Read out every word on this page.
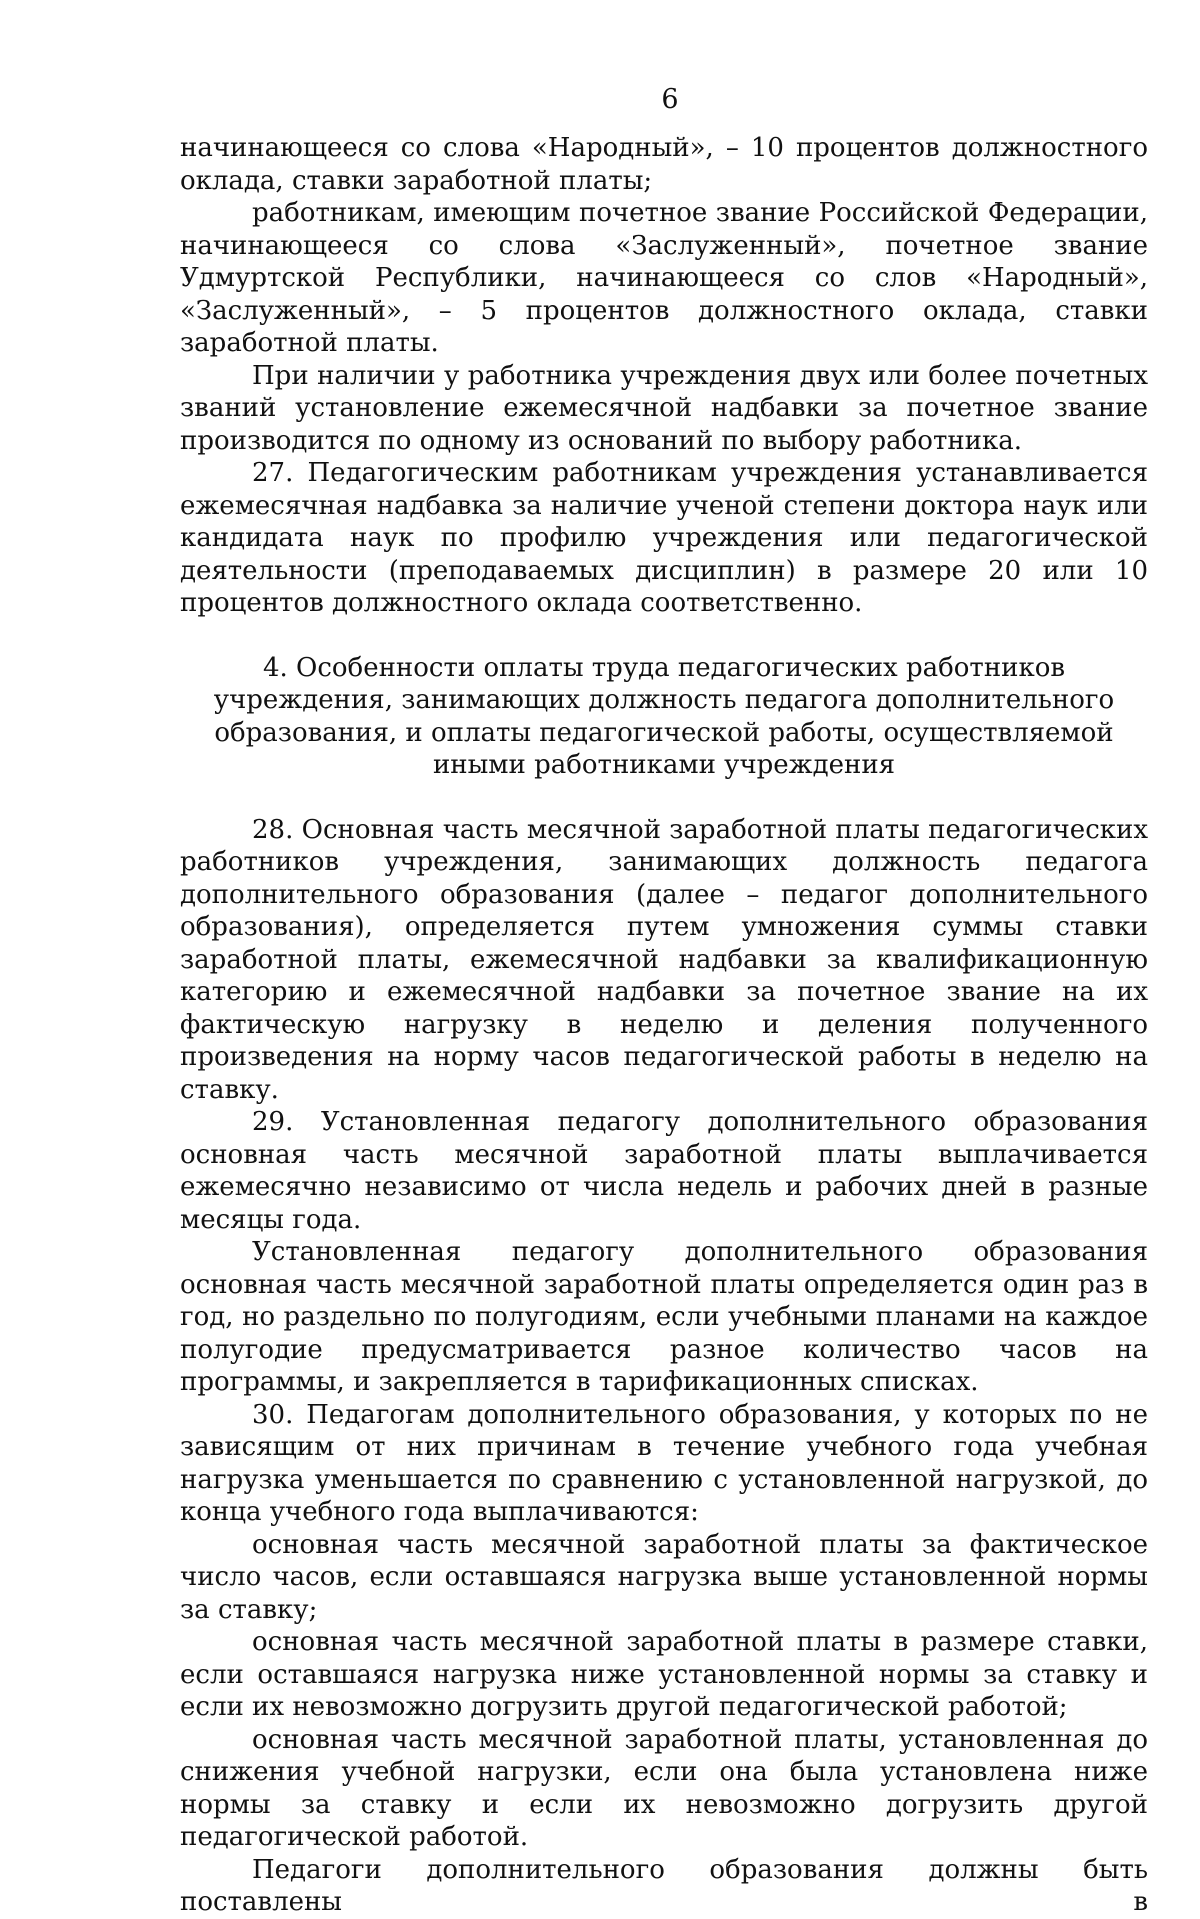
6

начинающееся со слова «Народный», – 10 процентов должностного оклада, ставки заработной платы;

работникам, имеющим почетное звание Российской Федерации, начинающееся со слова «Заслуженный», почетное звание Удмуртской Республики, начинающееся со слов «Народный», «Заслуженный», – 5 процентов должностного оклада, ставки заработной платы.

При наличии у работника учреждения двух или более почетных званий установление ежемесячной надбавки за почетное звание производится по одному из оснований по выбору работника.

27. Педагогическим работникам учреждения устанавливается ежемесячная надбавка за наличие ученой степени доктора наук или кандидата наук по профилю учреждения или педагогической деятельности (преподаваемых дисциплин) в размере 20 или 10 процентов должностного оклада соответственно.

4. Особенности оплаты труда педагогических работников учреждения, занимающих должность педагога дополнительного образования, и оплаты педагогической работы, осуществляемой иными работниками учреждения

28. Основная часть месячной заработной платы педагогических работников учреждения, занимающих должность педагога дополнительного образования (далее – педагог дополнительного образования), определяется путем умножения суммы ставки заработной платы, ежемесячной надбавки за квалификационную категорию и ежемесячной надбавки за почетное звание на их фактическую нагрузку в неделю и деления полученного произведения на норму часов педагогической работы в неделю на ставку.

29. Установленная педагогу дополнительного образования основная часть месячной заработной платы выплачивается ежемесячно независимо от числа недель и рабочих дней в разные месяцы года.

Установленная педагогу дополнительного образования основная часть месячной заработной платы определяется один раз в год, но раздельно по полугодиям, если учебными планами на каждое полугодие предусматривается разное количество часов на программы, и закрепляется в тарификационных списках.

30. Педагогам дополнительного образования, у которых по не зависящим от них причинам в течение учебного года учебная нагрузка уменьшается по сравнению с установленной нагрузкой, до конца учебного года выплачиваются:

основная часть месячной заработной платы за фактическое число часов, если оставшаяся нагрузка выше установленной нормы за ставку;

основная часть месячной заработной платы в размере ставки, если оставшаяся нагрузка ниже установленной нормы за ставку и если их невозможно догрузить другой педагогической работой;

основная часть месячной заработной платы, установленная до снижения учебной нагрузки, если она была установлена ниже нормы за ставку и если их невозможно догрузить другой педагогической работой.

Педагоги дополнительного образования должны быть поставлены в
